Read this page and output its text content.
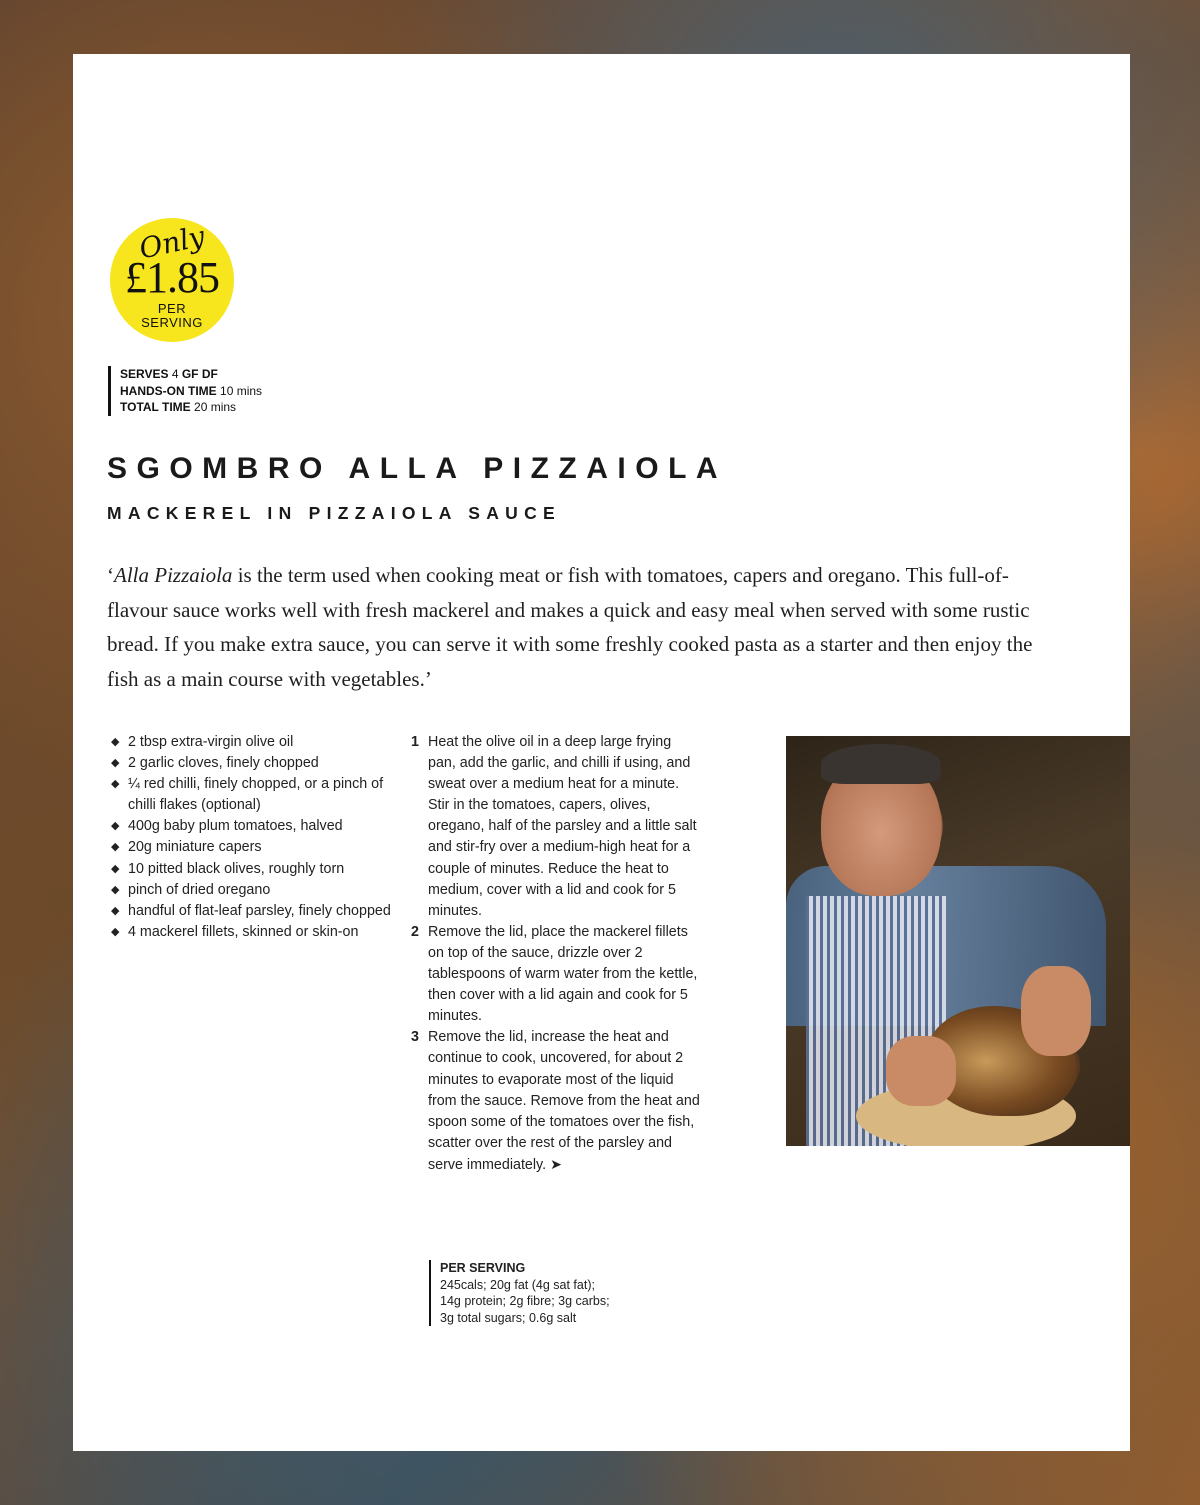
Only
£1.85
PER
SERVING
SERVES 4 GF DF
HANDS-ON TIME 10 mins
TOTAL TIME 20 mins
SGOMBRO ALLA PIZZAIOLA
MACKEREL IN PIZZAIOLA SAUCE

‘Alla Pizzaiola is the term used when cooking meat or fish with tomatoes, capers and oregano. This full-of-flavour sauce works well with fresh mackerel and makes a quick and easy meal when served with some rustic bread. If you make extra sauce, you can serve it with some freshly cooked pasta as a starter and then enjoy the fish as a main course with vegetables.’

◆ 2 tbsp extra-virgin olive oil
◆ 2 garlic cloves, finely chopped
◆ ¼ red chilli, finely chopped, or a pinch of chilli flakes (optional)
◆ 400g baby plum tomatoes, halved
◆ 20g miniature capers
◆ 10 pitted black olives, roughly torn
◆ pinch of dried oregano
◆ handful of flat-leaf parsley, finely chopped
◆ 4 mackerel fillets, skinned or skin-on
1 Heat the olive oil in a deep large frying pan, add the garlic, and chilli if using, and sweat over a medium heat for a minute. Stir in the tomatoes, capers, olives, oregano, half of the parsley and a little salt and stir-fry over a medium-high heat for a couple of minutes. Reduce the heat to medium, cover with a lid and cook for 5 minutes.
2 Remove the lid, place the mackerel fillets on top of the sauce, drizzle over 2 tablespoons of warm water from the kettle, then cover with a lid again and cook for 5 minutes.
3 Remove the lid, increase the heat and continue to cook, uncovered, for about 2 minutes to evaporate most of the liquid from the sauce. Remove from the heat and spoon some of the tomatoes over the fish, scatter over the rest of the parsley and serve immediately. ➤
PER SERVING
245cals; 20g fat (4g sat fat);
14g protein; 2g fibre; 3g carbs;
3g total sugars; 0.6g salt
